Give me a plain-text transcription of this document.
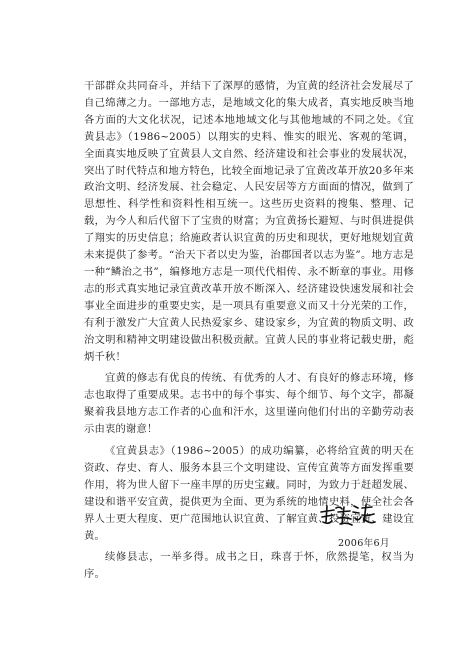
干部群众共同奋斗，并结下了深厚的感情，为宜黄的经济社会发展尽了自己绵薄之力。一部地方志，是地域文化的集大成者，真实地反映当地各方面的大文化状况，记述本地地域文化与其他地域的不同之处。《宜黄县志》（1986~2005）以翔实的史料、惟实的眼光、客观的笔调，全面真实地反映了宜黄县人文自然、经济建设和社会事业的发展状况，突出了时代特点和地方特色，比较全面地记录了宜黄改革开放20多年来政治文明、经济发展、社会稳定、人民安居等方方面面的情况，做到了思想性、科学性和资料性相互统一。这些历史资料的搜集、整理、记载，为今人和后代留下了宝贵的财富；为宜黄扬长避短、与时俱进提供了翔实的历史信息；给施政者认识宜黄的历史和现状，更好地规划宜黄未来提供了参考。“治天下者以史为鉴，治郡国者以志为鉴”。地方志是一种“鳞治之书”，编修地方志是一项代代相传、永不断章的事业。用修志的形式真实地记录宜黄改革开放不断深入、经济建设快速发展和社会事业全面进步的重要史实，是一项具有重要意义而又十分光荣的工作，有利于激发广大宜黄人民热爱家乡、建设家乡，为宜黄的物质文明、政治文明和精神文明建设做出积极贡献。宜黄人民的事业将记载史册，彪炳千秋！

宜黄的修志有优良的传统、有优秀的人才、有良好的修志环境，修志也取得了重要成果。志书中的每个事实、每个细节、每个文字，都凝聚着我县地方志工作者的心血和汗水，这里谨向他们付出的辛勤劳动表示由衷的谢意！

《宜黄县志》（1986~2005）的成功编纂，必将给宜黄的明天在资政、存史、育人、服务本县三个文明建设、宣传宜黄等方面发挥重要作用，将为世人留下一座丰厚的历史宝藏。同时，为致力于赶超发展、建设和谐平安宜黄，提供更为全面、更为系统的地情史料，使全社会各界人士更大程度、更广范围地认识宜黄、了解宜黄、投资宜黄、建设宜黄。

续修县志，一举多得。成书之日，珠喜于怀，欣然提笔，权当为序。

2006年6月
